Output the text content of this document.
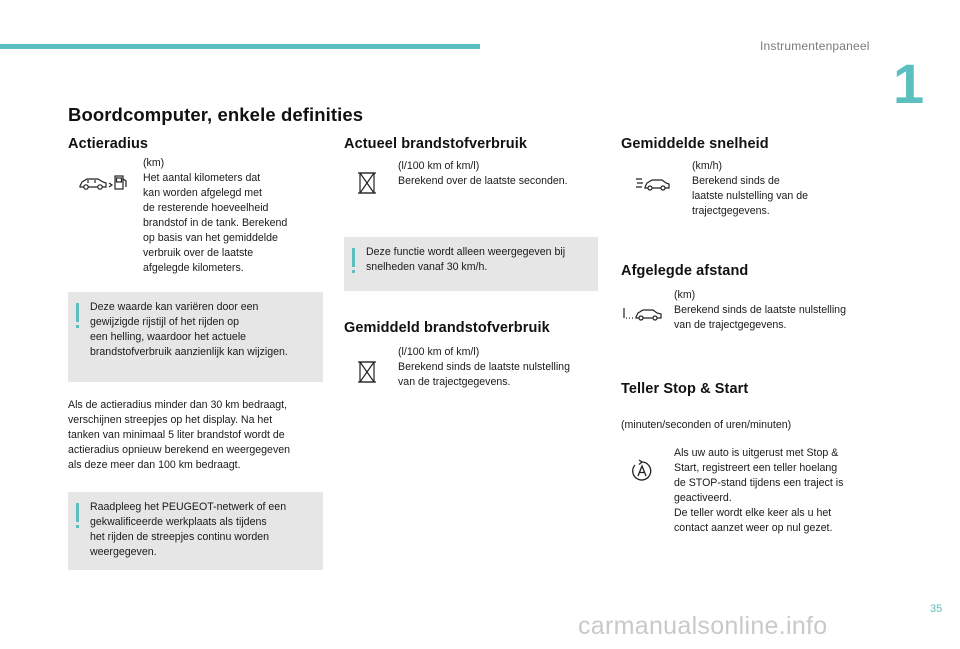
Instrumentenpaneel
1
Boordcomputer, enkele definities
Actieradius
(km)
Het aantal kilometers dat
kan worden afgelegd met
de resterende hoeveelheid
brandstof in de tank. Berekend
op basis van het gemiddelde
verbruik over de laatste
afgelegde kilometers.
Deze waarde kan variëren door een
gewijzigde rijstijl of het rijden op
een helling, waardoor het actuele
brandstofverbruik aanzienlijk kan wijzigen.
Als de actieradius minder dan 30 km bedraagt,
verschijnen streepjes op het display. Na het
tanken van minimaal 5 liter brandstof wordt de
actieradius opnieuw berekend en weergegeven
als deze meer dan 100 km bedraagt.
Raadpleeg het PEUGEOT-netwerk of een
gekwalificeerde werkplaats als tijdens
het rijden de streepjes continu worden
weergegeven.
Actueel brandstofverbruik
(l/100 km of km/l)
Berekend over de laatste seconden.
Deze functie wordt alleen weergegeven bij
snelheden vanaf 30 km/h.
Gemiddeld brandstofverbruik
(l/100 km of km/l)
Berekend sinds de laatste nulstelling
van de trajectgegevens.
Gemiddelde snelheid
(km/h)
Berekend sinds de
laatste nulstelling van de
trajectgegevens.
Afgelegde afstand
(km)
Berekend sinds de laatste nulstelling
van de trajectgegevens.
Teller Stop & Start
(minuten/seconden of uren/minuten)
Als uw auto is uitgerust met Stop &
Start, registreert een teller hoelang
de STOP-stand tijdens een traject is
geactiveerd.
De teller wordt elke keer als u het
contact aanzet weer op nul gezet.
35
carmanualsonline.info
